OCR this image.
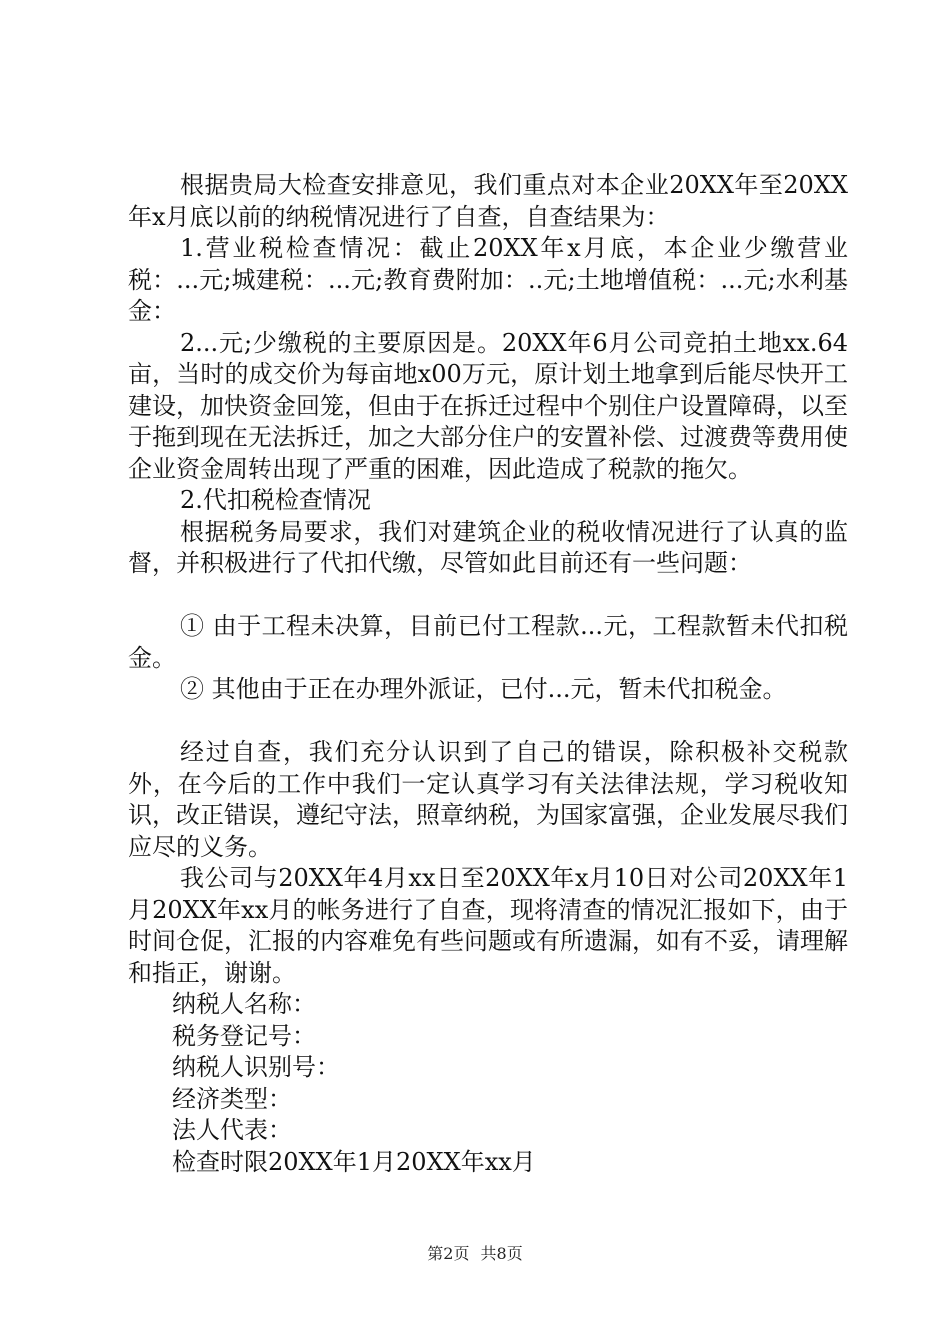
根据贵局大检查安排意见，我们重点对本企业20XX年至20XX年x月底以前的纳税情况进行了自查，自查结果为：

1.营业税检查情况：截止20XX年x月底，本企业少缴营业税：...元;城建税：...元;教育费附加：..元;土地增值税：...元;水利基金：

2...元;少缴税的主要原因是。20XX年6月公司竞拍土地xx.64亩，当时的成交价为每亩地x00万元，原计划土地拿到后能尽快开工建设，加快资金回笼，但由于在拆迁过程中个别住户设置障碍，以至于拖到现在无法拆迁，加之大部分住户的安置补偿、过渡费等费用使企业资金周转出现了严重的困难，因此造成了税款的拖欠。

2.代扣税检查情况

根据税务局要求，我们对建筑企业的税收情况进行了认真的监督，并积极进行了代扣代缴，尽管如此目前还有一些问题：

① 由于工程未决算，目前已付工程款...元，工程款暂未代扣税金。

② 其他由于正在办理外派证，已付...元，暂未代扣税金。

经过自查，我们充分认识到了自己的错误，除积极补交税款外，在今后的工作中我们一定认真学习有关法律法规，学习税收知识，改正错误，遵纪守法，照章纳税，为国家富强，企业发展尽我们应尽的义务。

我公司与20XX年4月xx日至20XX年x月10日对公司20XX年1月20XX年xx月的帐务进行了自查，现将清查的情况汇报如下，由于时间仓促，汇报的内容难免有些问题或有所遗漏，如有不妥，请理解和指正，谢谢。

纳税人名称：

税务登记号：

纳税人识别号：

经济类型：

法人代表：

检查时限20XX年1月20XX年xx月

第2页 共8页
